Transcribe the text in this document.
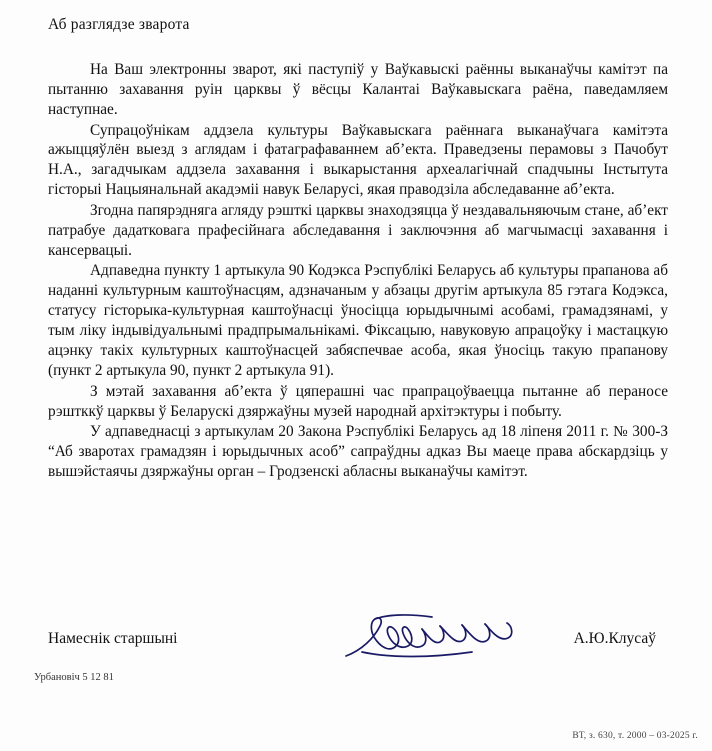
Аб разглядзе зварота

На Ваш электронны зварот, які паступіў у Ваўкавыскі раённы выканаўчы камітэт па пытанню захавання руін царквы ў вёсцы Калантаі Ваўкавыскага раёна, паведамляем наступнае.

Супрацоўнікам аддзела культуры Ваўкавыскага раённага выканаўчага камітэта ажыццяўлён выезд з аглядам і фатаграфаваннем аб’екта. Праведзены перамовы з Пачобут Н.А., загадчыкам аддзела захавання і выкарыстання археалагічнай спадчыны Інстытута гісторыі Нацыянальнай акадэміі навук Беларусі, якая праводзіла абследаванне аб’екта.

Згодна папярэдняга агляду рэшткі царквы знаходзяцца ў нездавальняючым стане, аб’ект патрабуе дадатковага прафесійнага абследавання і заключэння аб магчымасці захавання і кансервацыі.

Адпаведна пункту 1 артыкула 90 Кодэкса Рэспублікі Беларусь аб культуры прапанова аб наданні культурным каштоўнасцям, адзначаным у абзацы другім артыкула 85 гэтага Кодэкса, статусу гісторыка-культурная каштоўнасці ўносіцца юрыдычнымі асобамі, грамадзянамі, у тым ліку індывідуальнымі прадпрымальнікамі. Фіксацыю, навуковую апрацоўку і мастацкую ацэнку такіх культурных каштоўнасцей забяспечвае асоба, якая ўносіць такую прапанову (пункт 2 артыкула 90, пункт 2 артыкула 91).

З мэтай захавання аб’екта ў цяперашні час прапрацоўваецца пытанне аб пераносе рэштккў царквы ў Беларускі дзяржаўны музей народнай архітэктуры і побыту.

У адпаведнасці з артыкулам 20 Закона Рэспублікі Беларусь ад 18 ліпеня 2011 г. № 300-З “Аб зваротах грамадзян і юрыдычных асоб” сапраўдны адказ Вы маеце права абскардзіць у вышэйстаячы дзяржаўны орган – Гродзенскі абласны выканаўчы камітэт.

Намеснік старшыні	А.Ю.Клусаў
Урбановіч 5 12 81
ВТ, з. 630, т. 2000 – 03-2025 г.
